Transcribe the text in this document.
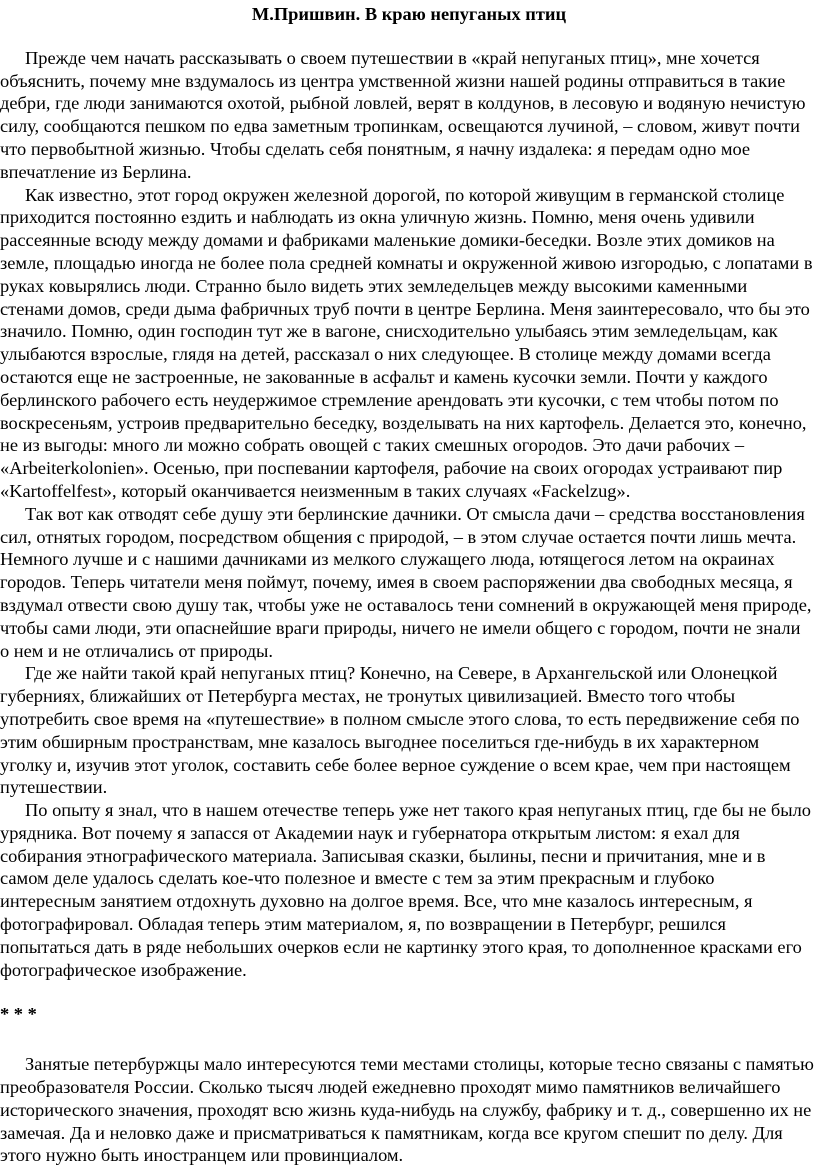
М.Пришвин. В краю непуганых птиц

Прежде чем начать рассказывать о своем путешествии в «край непуганых птиц», мне хочется объяснить, почему мне вздумалось из центра умственной жизни нашей родины отправиться в такие дебри, где люди занимаются охотой, рыбной ловлей, верят в колдунов, в лесовую и водяную нечистую силу, сообщаются пешком по едва заметным тропинкам, освещаются лучиной, – словом, живут почти что первобытной жизнью. Чтобы сделать себя понятным, я начну издалека: я передам одно мое впечатление из Берлина.

Как известно, этот город окружен железной дорогой, по которой живущим в германской столице приходится постоянно ездить и наблюдать из окна уличную жизнь. Помню, меня очень удивили рассеянные всюду между домами и фабриками маленькие домики-беседки. Возле этих домиков на земле, площадью иногда не более пола средней комнаты и окруженной живою изгородью, с лопатами в руках ковырялись люди. Странно было видеть этих земледельцев между высокими каменными стенами домов, среди дыма фабричных труб почти в центре Берлина. Меня заинтересовало, что бы это значило. Помню, один господин тут же в вагоне, снисходительно улыбаясь этим земледельцам, как улыбаются взрослые, глядя на детей, рассказал о них следующее. В столице между домами всегда остаются еще не застроенные, не закованные в асфальт и камень кусочки земли. Почти у каждого берлинского рабочего есть неудержимое стремление арендовать эти кусочки, с тем чтобы потом по воскресеньям, устроив предварительно беседку, возделывать на них картофель. Делается это, конечно, не из выгоды: много ли можно собрать овощей с таких смешных огородов. Это дачи рабочих – «Arbeiterkolonien». Осенью, при поспевании картофеля, рабочие на своих огородах устраивают пир «Kartoffelfest», который оканчивается неизменным в таких случаях «Fackelzug».

Так вот как отводят себе душу эти берлинские дачники. От смысла дачи – средства восстановления сил, отнятых городом, посредством общения с природой, – в этом случае остается почти лишь мечта. Немного лучше и с нашими дачниками из мелкого служащего люда, ютящегося летом на окраинах городов. Теперь читатели меня поймут, почему, имея в своем распоряжении два свободных месяца, я вздумал отвести свою душу так, чтобы уже не оставалось тени сомнений в окружающей меня природе, чтобы сами люди, эти опаснейшие враги природы, ничего не имели общего с городом, почти не знали о нем и не отличались от природы.

Где же найти такой край непуганых птиц? Конечно, на Севере, в Архангельской или Олонецкой губерниях, ближайших от Петербурга местах, не тронутых цивилизацией. Вместо того чтобы употребить свое время на «путешествие» в полном смысле этого слова, то есть передвижение себя по этим обширным пространствам, мне казалось выгоднее поселиться где-нибудь в их характерном уголку и, изучив этот уголок, составить себе более верное суждение о всем крае, чем при настоящем путешествии.

По опыту я знал, что в нашем отечестве теперь уже нет такого края непуганых птиц, где бы не было урядника. Вот почему я запасся от Академии наук и губернатора открытым листом: я ехал для собирания этнографического материала. Записывая сказки, былины, песни и причитания, мне и в самом деле удалось сделать кое-что полезное и вместе с тем за этим прекрасным и глубоко интересным занятием отдохнуть духовно на долгое время. Все, что мне казалось интересным, я фотографировал. Обладая теперь этим материалом, я, по возвращении в Петербург, решился попытаться дать в ряде небольших очерков если не картинку этого края, то дополненное красками его фотографическое изображение.

* * *

Занятые петербуржцы мало интересуются теми местами столицы, которые тесно связаны с памятью преобразователя России. Сколько тысяч людей ежедневно проходят мимо памятников величайшего исторического значения, проходят всю жизнь куда-нибудь на службу, фабрику и т. д., совершенно их не замечая. Да и неловко даже и присматриваться к памятникам, когда все кругом спешит по делу. Для этого нужно быть иностранцем или провинциалом.
